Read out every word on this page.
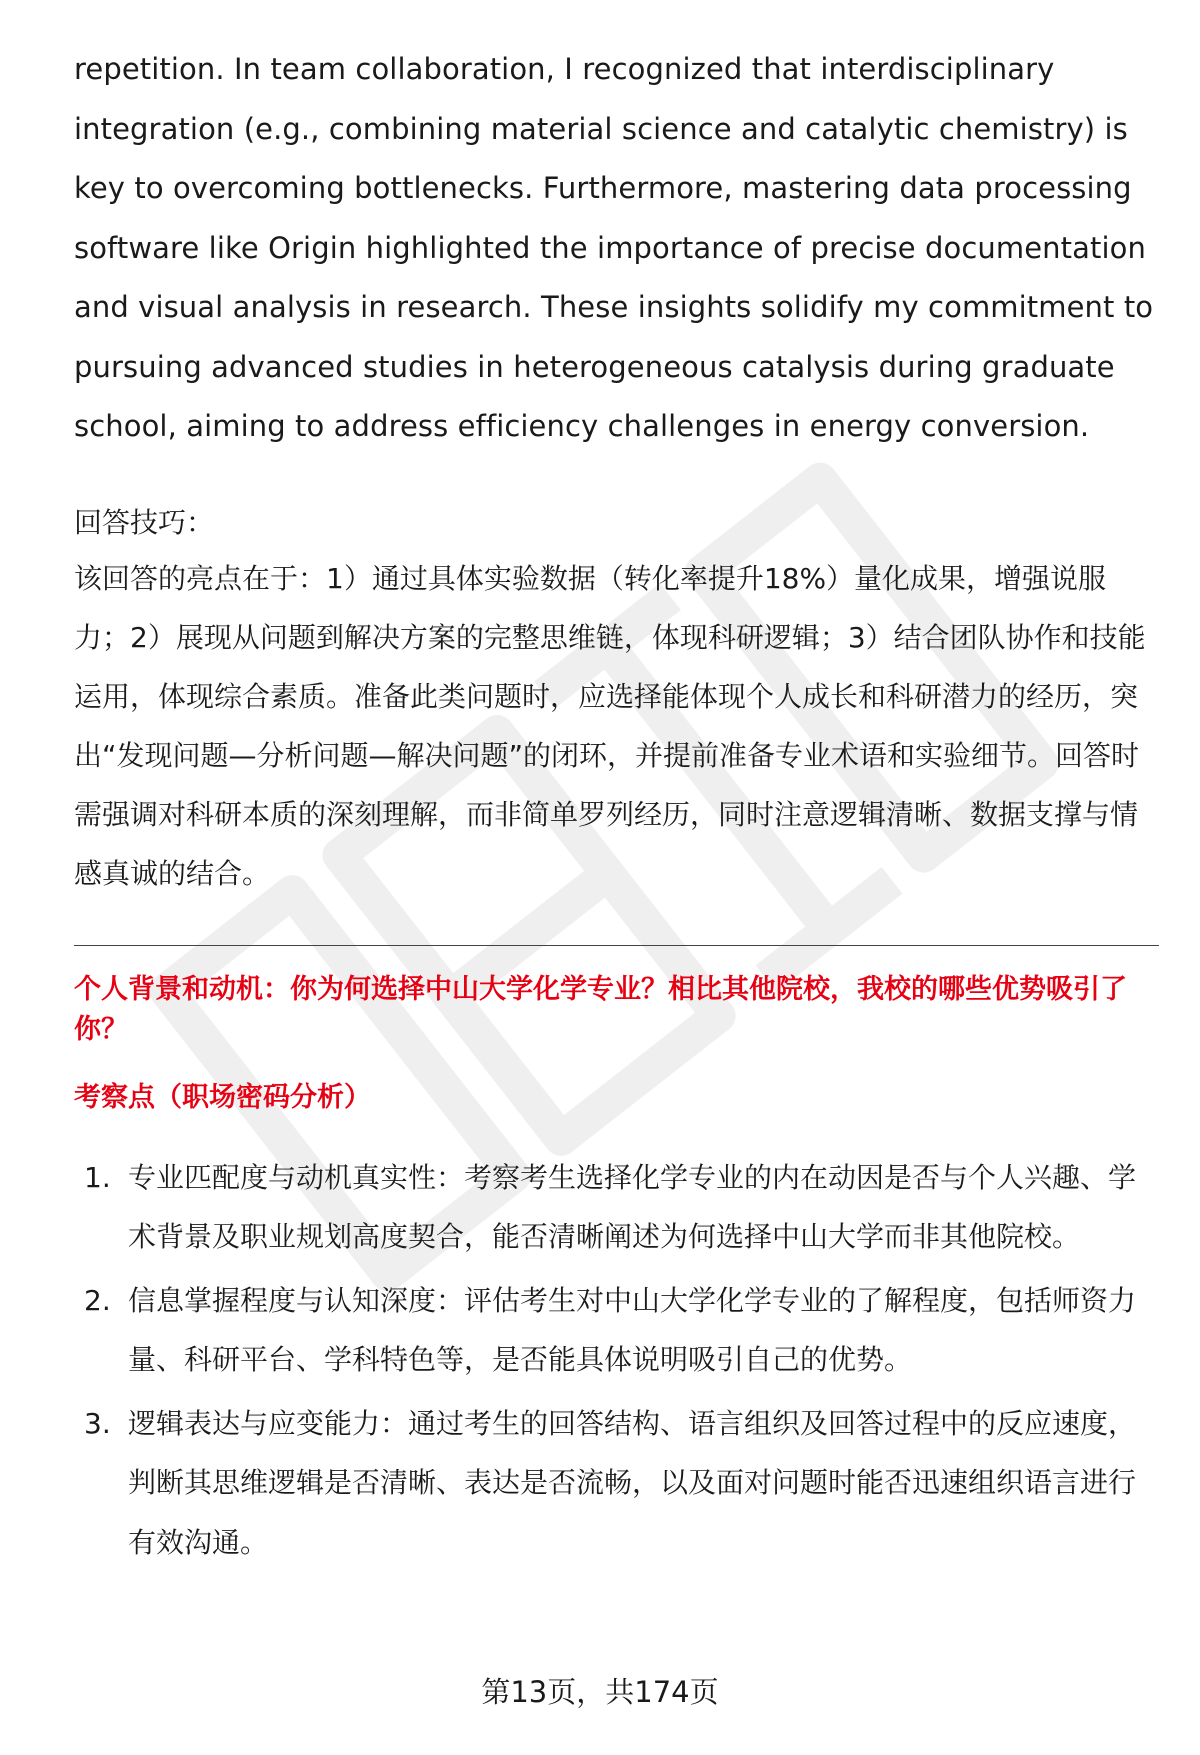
repetition. In team collaboration, I recognized that interdisciplinary integration (e.g., combining material science and catalytic chemistry) is key to overcoming bottlenecks. Furthermore, mastering data processing software like Origin highlighted the importance of precise documentation and visual analysis in research. These insights solidify my commitment to pursuing advanced studies in heterogeneous catalysis during graduate school, aiming to address efficiency challenges in energy conversion.

回答技巧：

该回答的亮点在于：1）通过具体实验数据（转化率提升18%）量化成果，增强说服力；2）展现从问题到解决方案的完整思维链，体现科研逻辑；3）结合团队协作和技能运用，体现综合素质。准备此类问题时，应选择能体现个人成长和科研潜力的经历，突出“发现问题—分析问题—解决问题”的闭环，并提前准备专业术语和实验细节。回答时需强调对科研本质的深刻理解，而非简单罗列经历，同时注意逻辑清晰、数据支撑与情感真诚的结合。

个人背景和动机：你为何选择中山大学化学专业？相比其他院校，我校的哪些优势吸引了你？
考察点（职场密码分析）
1. 专业匹配度与动机真实性：考察考生选择化学专业的内在动因是否与个人兴趣、学术背景及职业规划高度契合，能否清晰阐述为何选择中山大学而非其他院校。
2. 信息掌握程度与认知深度：评估考生对中山大学化学专业的了解程度，包括师资力量、科研平台、学科特色等，是否能具体说明吸引自己的优势。
3. 逻辑表达与应变能力：通过考生的回答结构、语言组织及回答过程中的反应速度，判断其思维逻辑是否清晰、表达是否流畅，以及面对问题时能否迅速组织语言进行有效沟通。
第13页，共174页
